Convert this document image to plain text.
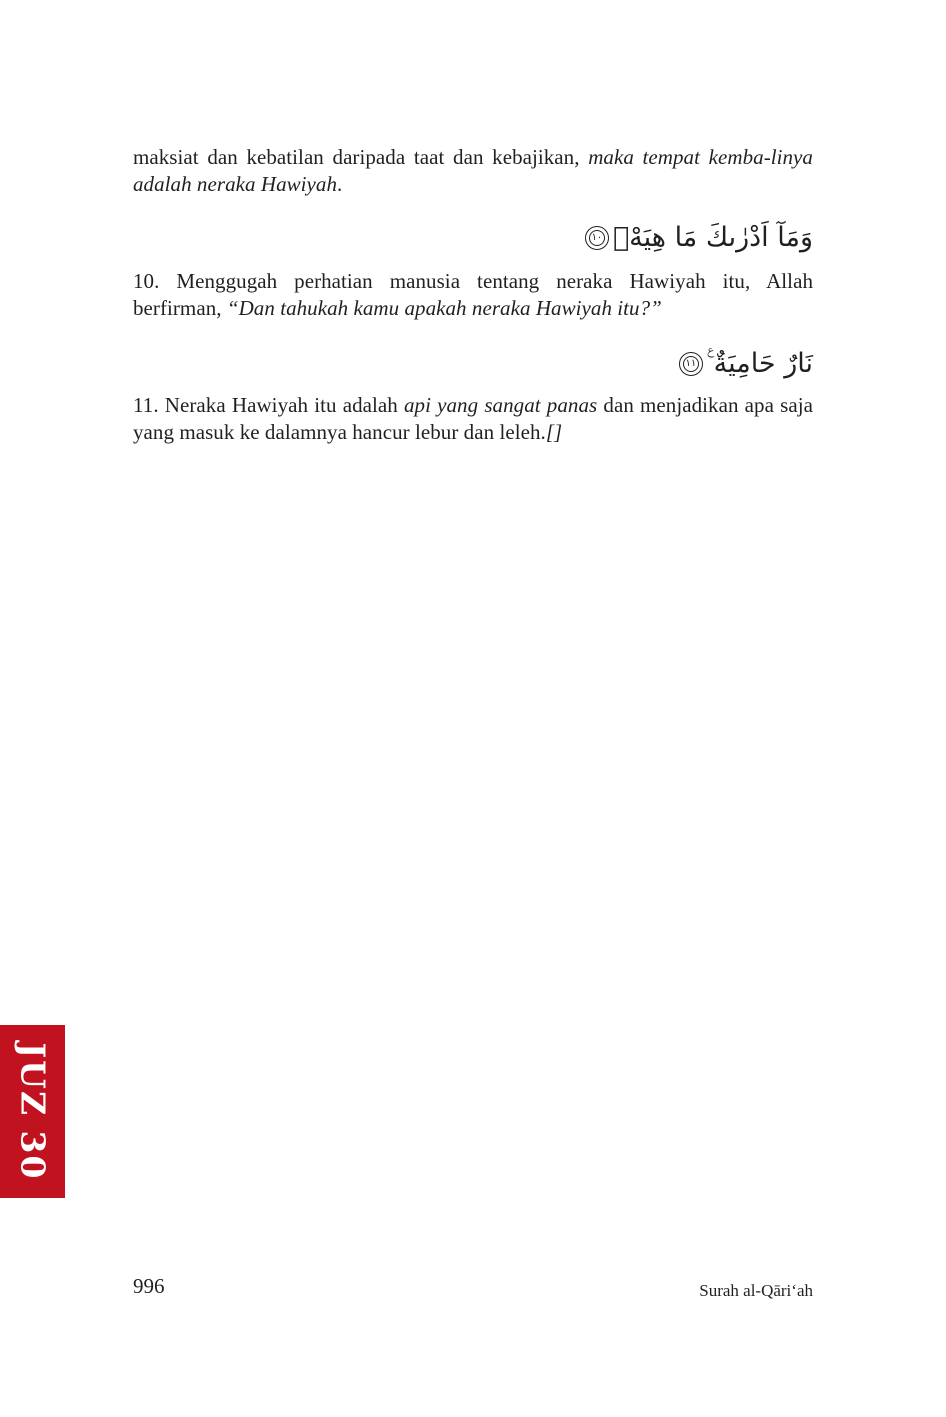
maksiat dan kebatilan daripada taat dan kebajikan, maka tempat kemba-linya adalah neraka Hawiyah.
وَمَآ اَدْرٰىكَ مَا هِيَهْۗ
١٠
10. Menggugah perhatian manusia tentang neraka Hawiyah itu, Allah berfirman, “Dan tahukah kamu apakah neraka Hawiyah itu?”
نَارٌ حَامِيَةٌ ࣖ
١١
11. Neraka Hawiyah itu adalah api yang sangat panas dan menjadikan apa saja yang masuk ke dalamnya hancur lebur dan leleh.[]
JUZ 30
996	Surah al-Qāri‘ah
